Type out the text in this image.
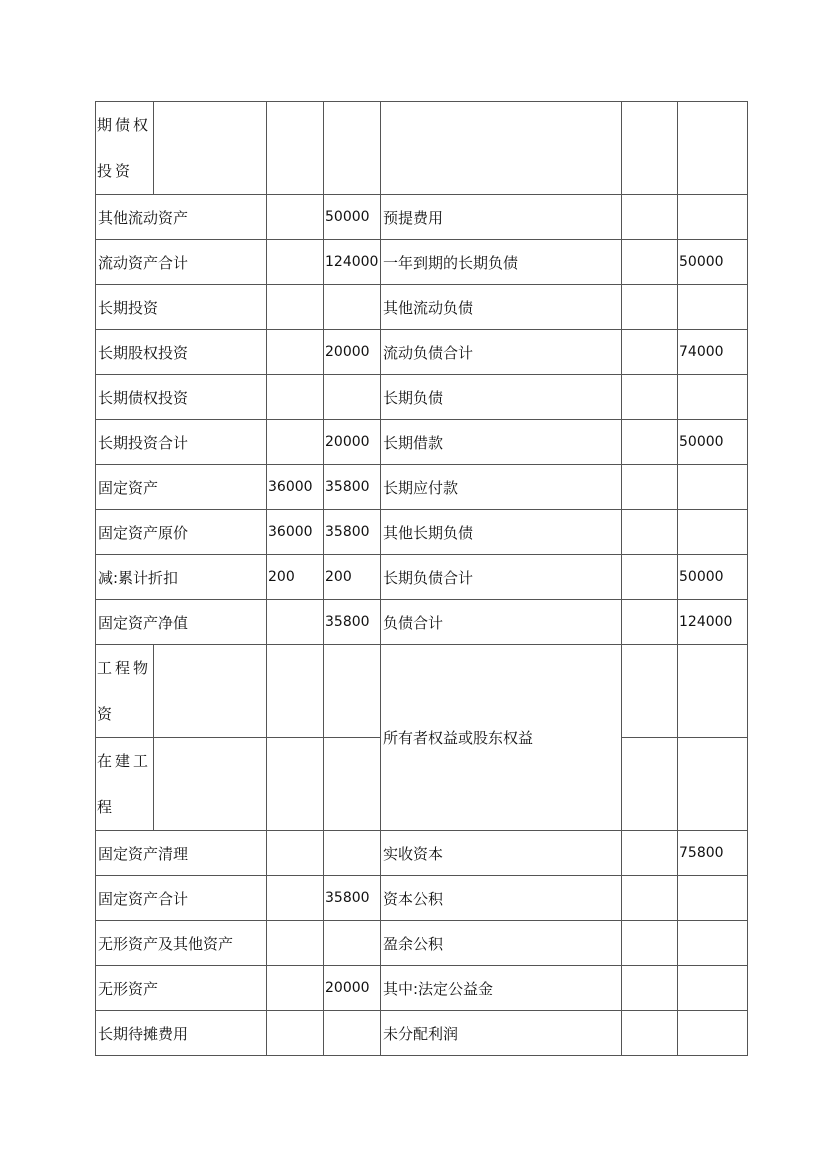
期债权投资						
其他流动资产			50000	预提费用		
流动资产合计			124000	一年到期的长期负债		50000
长期投资				其他流动负债		
长期股权投资			20000	流动负债合计		74000
长期债权投资				长期负债		
长期投资合计			20000	长期借款		50000
固定资产		36000	35800	长期应付款		
固定资产原价		36000	35800	其他长期负债		
减:累计折扣		200	200	长期负债合计		50000
固定资产净值			35800	负债合计		124000
工程物资				所有者权益或股东权益		
在建工程						
固定资产清理				实收资本		75800
固定资产合计			35800	资本公积		
无形资产及其他资产				盈余公积		
无形资产			20000	其中:法定公益金		
长期待摊费用				未分配利润		
